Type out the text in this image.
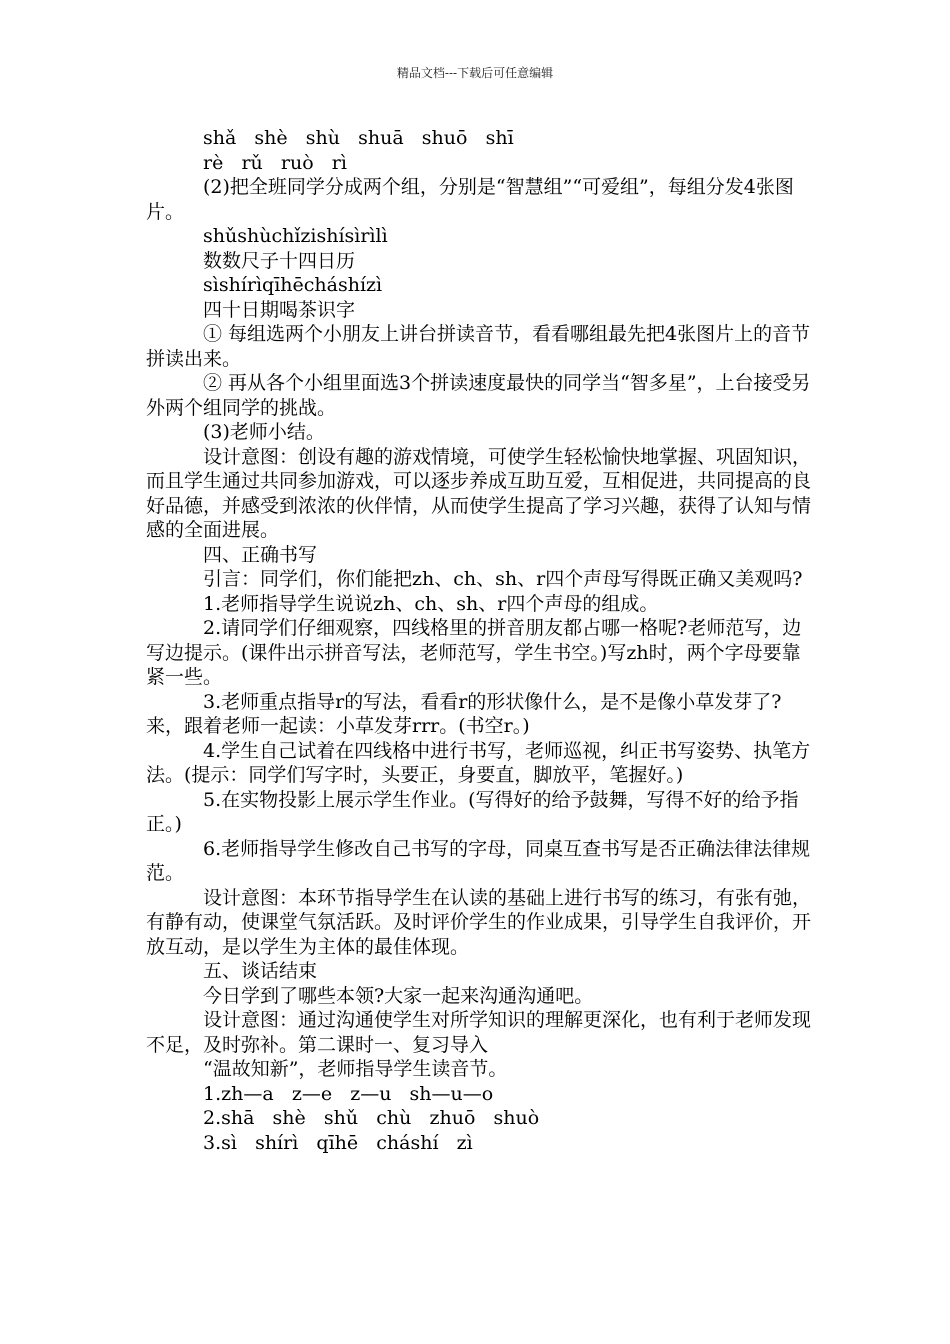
精品文档---下载后可任意编辑

shǎ   shè   shù   shuā   shuō   shī

rè   rǔ   ruò   rì

(2)把全班同学分成两个组，分别是“智慧组”“可爱组”，每组分发4张图片。

shǔshùchǐzishísìrìlì

数数尺子十四日历

sìshírìqīhēcháshízì

四十日期喝茶识字

① 每组选两个小朋友上讲台拼读音节，看看哪组最先把4张图片上的音节拼读出来。

② 再从各个小组里面选3个拼读速度最快的同学当“智多星”，上台接受另外两个组同学的挑战。

(3)老师小结。

设计意图：创设有趣的游戏情境，可使学生轻松愉快地掌握、巩固知识，而且学生通过共同参加游戏，可以逐步养成互助互爱，互相促进，共同提高的良好品德，并感受到浓浓的伙伴情，从而使学生提高了学习兴趣，获得了认知与情感的全面进展。

四、正确书写

引言：同学们，你们能把zh、ch、sh、r四个声母写得既正确又美观吗?

1.老师指导学生说说zh、ch、sh、r四个声母的组成。

2.请同学们仔细观察，四线格里的拼音朋友都占哪一格呢?老师范写，边写边提示。(课件出示拼音写法，老师范写，学生书空。)写zh时，两个字母要靠紧一些。

3.老师重点指导r的写法，看看r的形状像什么，是不是像小草发芽了?来，跟着老师一起读：小草发芽rrr。(书空r。)

4.学生自己试着在四线格中进行书写，老师巡视，纠正书写姿势、执笔方法。(提示：同学们写字时，头要正，身要直，脚放平，笔握好。)

5.在实物投影上展示学生作业。(写得好的给予鼓舞，写得不好的给予指正。)

6.老师指导学生修改自己书写的字母，同桌互查书写是否正确法律法律规范。

设计意图：本环节指导学生在认读的基础上进行书写的练习，有张有弛，有静有动，使课堂气氛活跃。及时评价学生的作业成果，引导学生自我评价，开放互动，是以学生为主体的最佳体现。

五、谈话结束

今日学到了哪些本领?大家一起来沟通沟通吧。

设计意图：通过沟通使学生对所学知识的理解更深化，也有利于老师发现不足，及时弥补。第二课时一、复习导入

“温故知新”，老师指导学生读音节。

1.zh—a   z—e   z—u   sh—u—o

2.shā   shè   shǔ   chù   zhuō   shuò

3.sì   shírì   qīhē   cháshí   zì
